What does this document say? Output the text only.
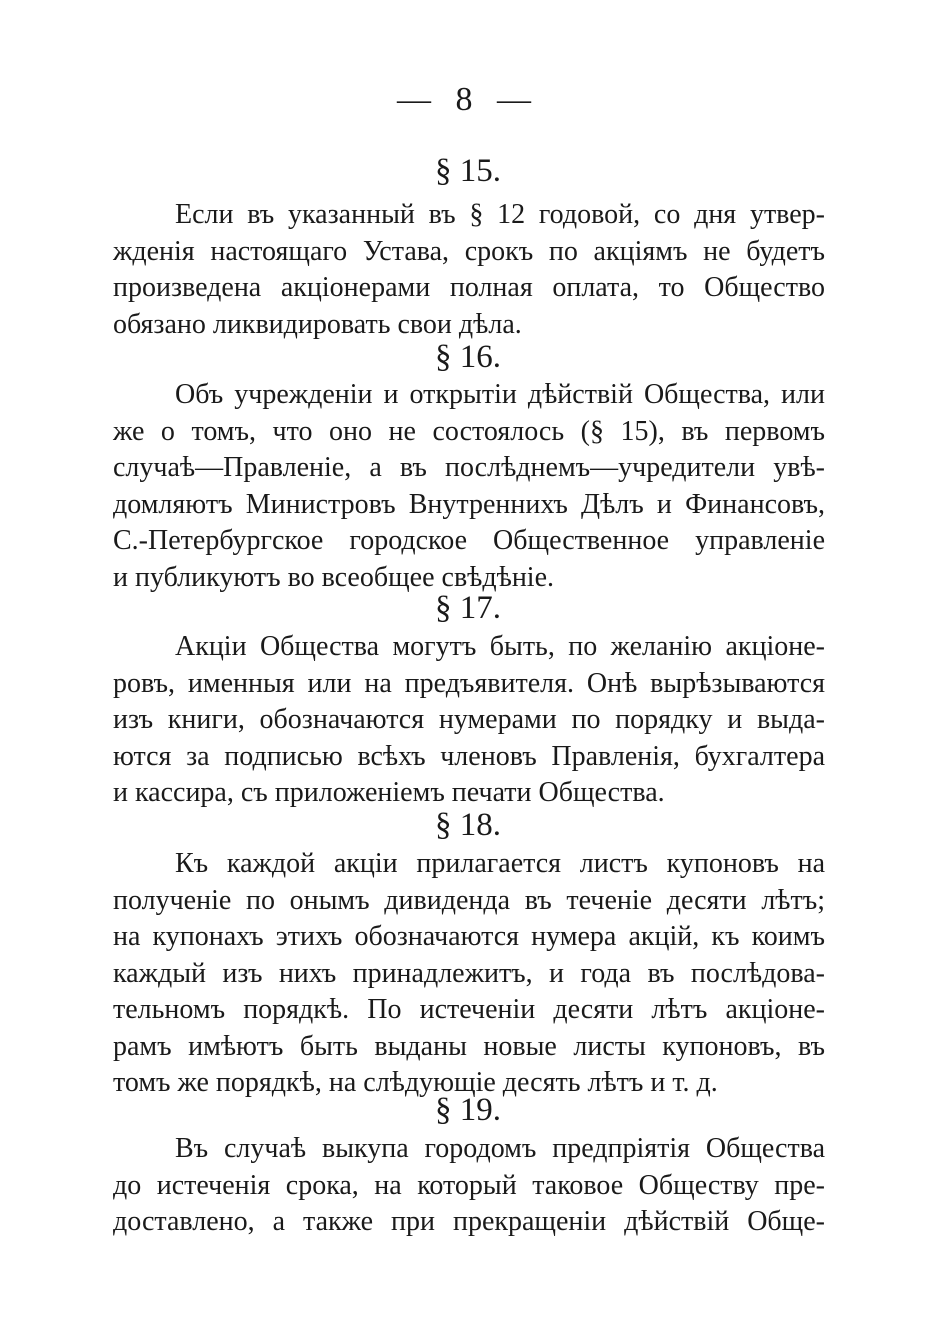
— 8 —
§ 15.
Если въ указанный въ § 12 годовой, со дня утвер-
жденія настоящаго Устава, срокъ по акціямъ не будетъ
произведена акціонерами полная оплата, то Общество
обязано ликвидировать свои дѣла.
§ 16.
Объ учрежденіи и открытіи дѣйствій Общества, или
же о томъ, что оно не состоялось (§ 15), въ первомъ
случаѣ—Правленіе, а въ послѣднемъ—учредители увѣ-
домляютъ Министровъ Внутреннихъ Дѣлъ и Финансовъ,
С.-Петербургское городское Общественное управленіе
и публикуютъ во всеобщее свѣдѣніе.
§ 17.
Акціи Общества могутъ быть, по желанію акціоне-
ровъ, именныя или на предъявителя. Онѣ вырѣзываются
изъ книги, обозначаются нумерами по порядку и выда-
ются за подписью всѣхъ членовъ Правленія, бухгалтера
и кассира, съ приложеніемъ печати Общества.
§ 18.
Къ каждой акціи прилагается листъ купоновъ на
полученіе по онымъ дивиденда въ теченіе десяти лѣтъ;
на купонахъ этихъ обозначаются нумера акцій, къ коимъ
каждый изъ нихъ принадлежитъ, и года въ послѣдова-
тельномъ порядкѣ. По истеченіи десяти лѣтъ акціоне-
рамъ имѣютъ быть выданы новые листы купоновъ, въ
томъ же порядкѣ, на слѣдующіе десять лѣтъ и т. д.
§ 19.
Въ случаѣ выкупа городомъ предпріятія Общества
до истеченія срока, на который таковое Обществу пре-
доставлено, а также при прекращеніи дѣйствій Обще-
